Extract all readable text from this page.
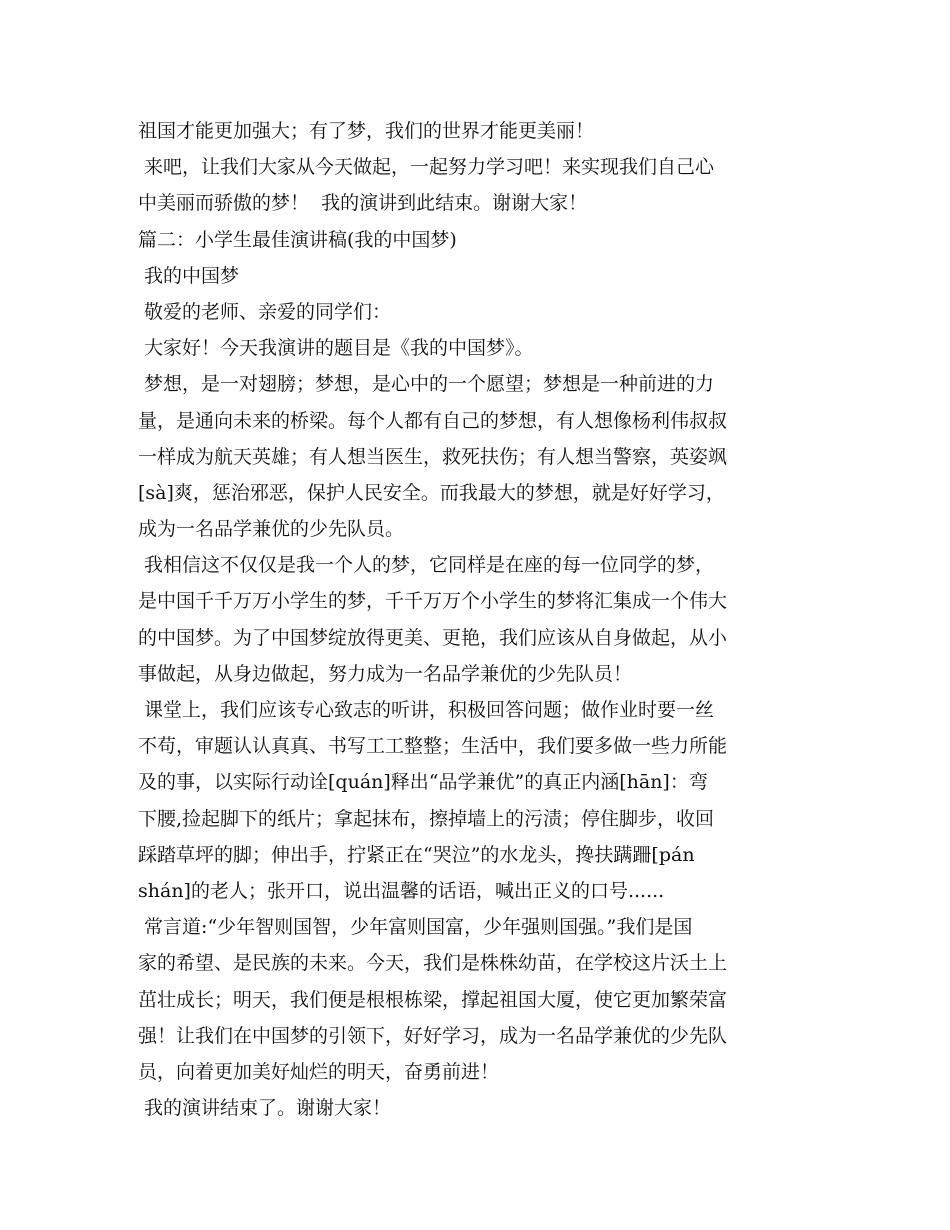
祖国才能更加强大；有了梦，我们的世界才能更美丽！
来吧，让我们大家从今天做起，一起努力学习吧！来实现我们自己心
中美丽而骄傲的梦！  我的演讲到此结束。谢谢大家！
篇二：小学生最佳演讲稿(我的中国梦)
我的中国梦
敬爱的老师、亲爱的同学们：
大家好！今天我演讲的题目是《我的中国梦》。
梦想，是一对翅膀；梦想，是心中的一个愿望；梦想是一种前进的力
量，是通向未来的桥梁。每个人都有自己的梦想，有人想像杨利伟叔叔
一样成为航天英雄；有人想当医生，救死扶伤；有人想当警察，英姿飒
[sà]爽，惩治邪恶，保护人民安全。而我最大的梦想，就是好好学习，
成为一名品学兼优的少先队员。
我相信这不仅仅是我一个人的梦，它同样是在座的每一位同学的梦，
是中国千千万万小学生的梦，千千万万个小学生的梦将汇集成一个伟大
的中国梦。为了中国梦绽放得更美、更艳，我们应该从自身做起，从小
事做起，从身边做起，努力成为一名品学兼优的少先队员！
课堂上，我们应该专心致志的听讲，积极回答问题；做作业时要一丝
不苟，审题认认真真、书写工工整整；生活中，我们要多做一些力所能
及的事，以实际行动诠[quán]释出“品学兼优”的真正内涵[hān]：弯
下腰,捡起脚下的纸片；拿起抹布，擦掉墙上的污渍；停住脚步，收回
踩踏草坪的脚；伸出手，拧紧正在“哭泣”的水龙头，搀扶蹒跚[pán
shán]的老人；张开口，说出温馨的话语，喊出正义的口号......
常言道:“少年智则国智，少年富则国富，少年强则国强。”我们是国
家的希望、是民族的未来。今天，我们是株株幼苗，在学校这片沃土上
茁壮成长；明天，我们便是根根栋梁，撑起祖国大厦，使它更加繁荣富
强！让我们在中国梦的引领下，好好学习，成为一名品学兼优的少先队
员，向着更加美好灿烂的明天，奋勇前进！
我的演讲结束了。谢谢大家！
